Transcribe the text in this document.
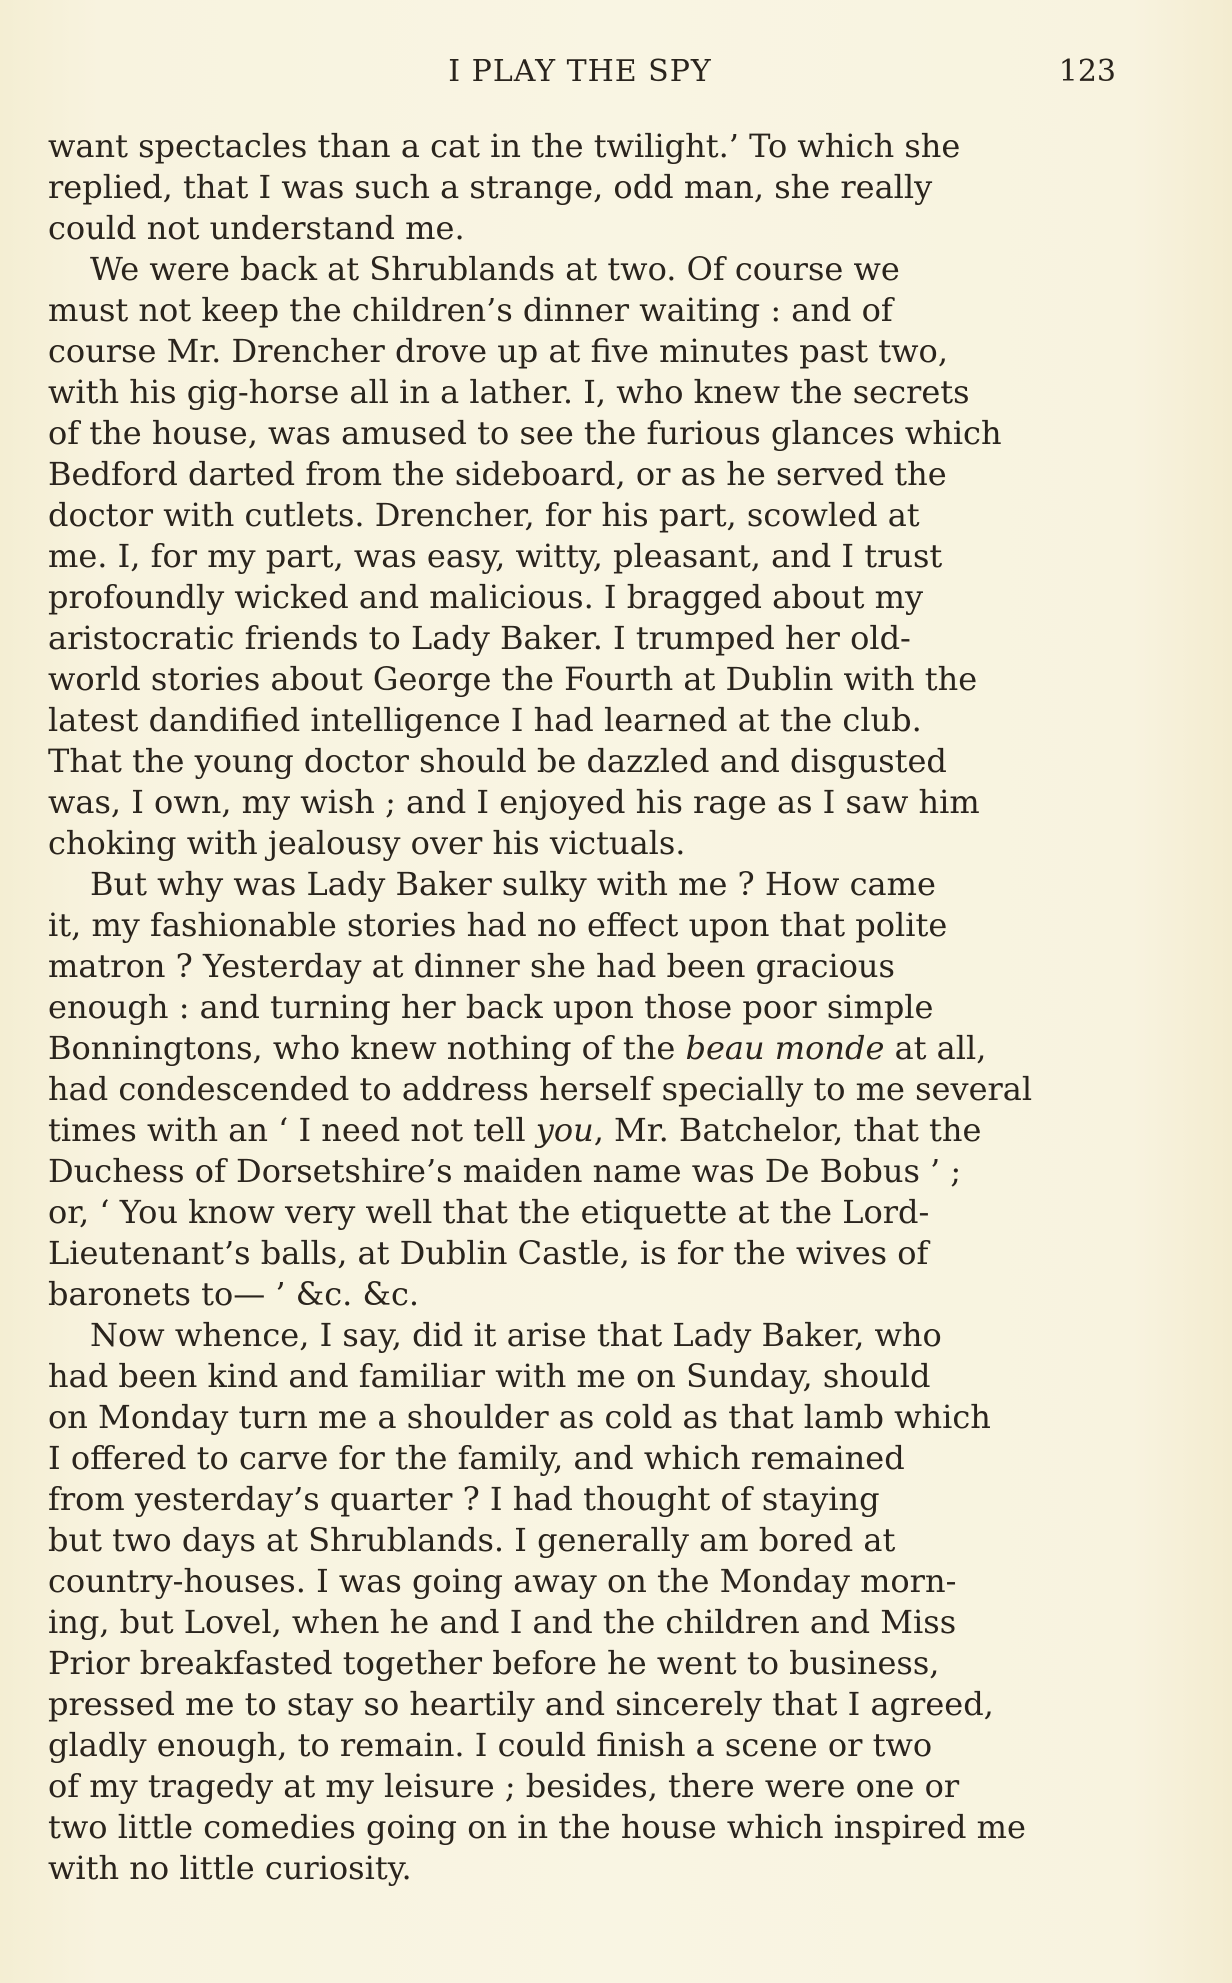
I PLAY THE SPY	123
want spectacles than a cat in the twilight.’ To which she
replied, that I was such a strange, odd man, she really
could not understand me.
We were back at Shrublands at two. Of course we
must not keep the children’s dinner waiting : and of
course Mr. Drencher drove up at five minutes past two,
with his gig-horse all in a lather. I, who knew the secrets
of the house, was amused to see the furious glances which
Bedford darted from the sideboard, or as he served the
doctor with cutlets. Drencher, for his part, scowled at
me. I, for my part, was easy, witty, pleasant, and I trust
profoundly wicked and malicious. I bragged about my
aristocratic friends to Lady Baker. I trumped her old-
world stories about George the Fourth at Dublin with the
latest dandified intelligence I had learned at the club.
That the young doctor should be dazzled and disgusted
was, I own, my wish ; and I enjoyed his rage as I saw him
choking with jealousy over his victuals.
But why was Lady Baker sulky with me ? How came
it, my fashionable stories had no effect upon that polite
matron ? Yesterday at dinner she had been gracious
enough : and turning her back upon those poor simple
Bonningtons, who knew nothing of the beau monde at all,
had condescended to address herself specially to me several
times with an ‘ I need not tell you, Mr. Batchelor, that the
Duchess of Dorsetshire’s maiden name was De Bobus ’ ;
or, ‘ You know very well that the etiquette at the Lord-
Lieutenant’s balls, at Dublin Castle, is for the wives of
baronets to— ’ &c. &c.
Now whence, I say, did it arise that Lady Baker, who
had been kind and familiar with me on Sunday, should
on Monday turn me a shoulder as cold as that lamb which
I offered to carve for the family, and which remained
from yesterday’s quarter ? I had thought of staying
but two days at Shrublands. I generally am bored at
country-houses. I was going away on the Monday morn-
ing, but Lovel, when he and I and the children and Miss
Prior breakfasted together before he went to business,
pressed me to stay so heartily and sincerely that I agreed,
gladly enough, to remain. I could finish a scene or two
of my tragedy at my leisure ; besides, there were one or
two little comedies going on in the house which inspired me
with no little curiosity.
